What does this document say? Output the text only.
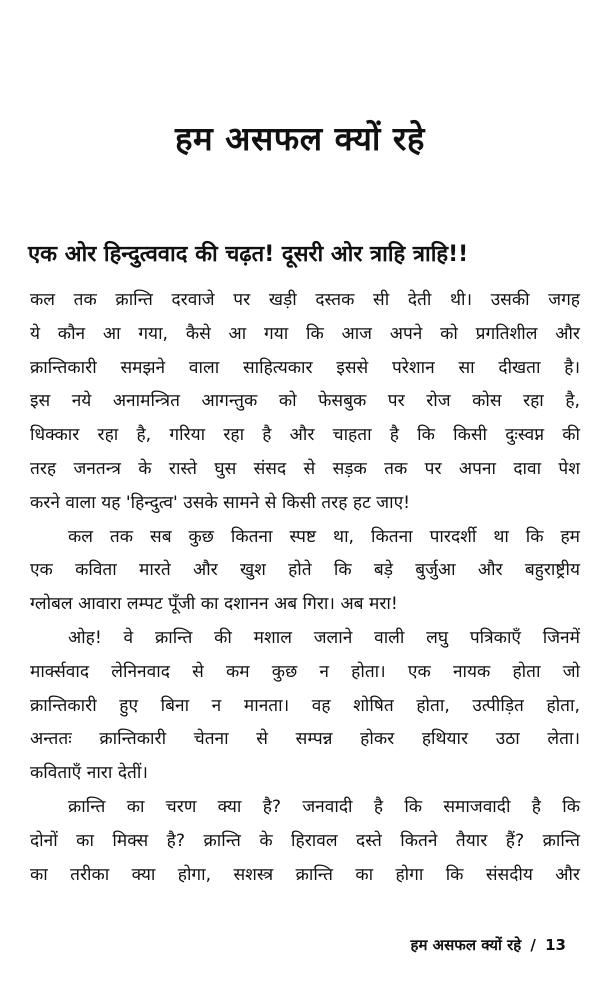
हम असफल क्यों रहे
एक ओर हिन्दुत्ववाद की चढ़त! दूसरी ओर त्राहि त्राहि!!
कल तक क्रान्ति दरवाजे पर खड़ी दस्तक सी देती थी। उसकी जगह
ये कौन आ गया, कैसे आ गया कि आज अपने को प्रगतिशील और
क्रान्तिकारी समझने वाला साहित्यकार इससे परेशान सा दीखता है।
इस नये अनामन्त्रित आगन्तुक को फेसबुक पर रोज कोस रहा है,
धिक्कार रहा है, गरिया रहा है और चाहता है कि किसी दुःस्वप्न की
तरह जनतन्त्र के रास्ते घुस संसद से सड़क तक पर अपना दावा पेश
करने वाला यह 'हिन्दुत्व' उसके सामने से किसी तरह हट जाए!
कल तक सब कुछ कितना स्पष्ट था, कितना पारदर्शी था कि हम
एक कविता मारते और खुश होते कि बड़े बुर्जुआ और बहुराष्ट्रीय
ग्लोबल आवारा लम्पट पूँजी का दशानन अब गिरा। अब मरा!
ओह! वे क्रान्ति की मशाल जलाने वाली लघु पत्रिकाएँ जिनमें
मार्क्सवाद लेनिनवाद से कम कुछ न होता। एक नायक होता जो
क्रान्तिकारी हुए बिना न मानता। वह शोषित होता, उत्पीड़ित होता,
अन्ततः क्रान्तिकारी चेतना से सम्पन्न होकर हथियार उठा लेता।
कविताएँ नारा देतीं।
क्रान्ति का चरण क्या है? जनवादी है कि समाजवादी है कि
दोनों का मिक्स है? क्रान्ति के हिरावल दस्ते कितने तैयार हैं? क्रान्ति
का तरीका क्या होगा, सशस्त्र क्रान्ति का होगा कि संसदीय और
हम असफल क्यों रहे / 13
